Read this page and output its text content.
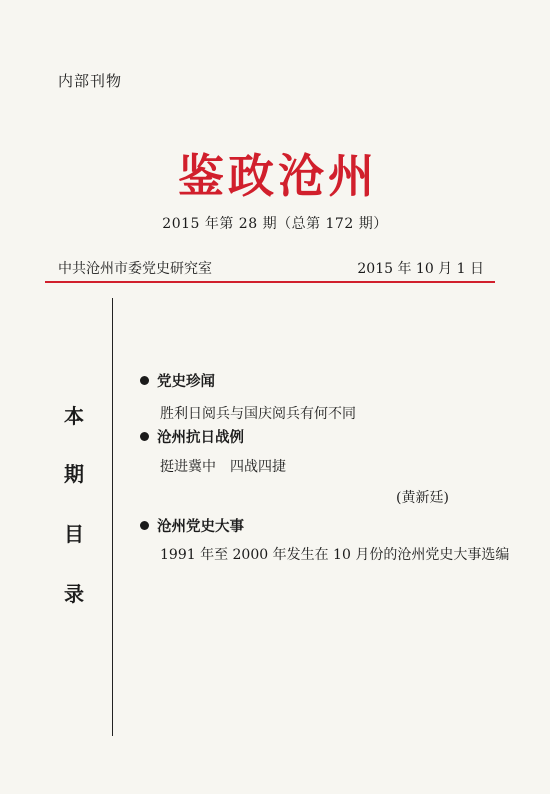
内部刊物
鉴政沧州
2015 年第 28 期（总第 172 期）
中共沧州市委党史研究室	2015 年 10 月 1 日
本
期
目
录
党史珍闻
胜利日阅兵与国庆阅兵有何不同
沧州抗日战例
挺进冀中　四战四捷
(黄新廷)
沧州党史大事
1991 年至 2000 年发生在 10 月份的沧州党史大事选编
